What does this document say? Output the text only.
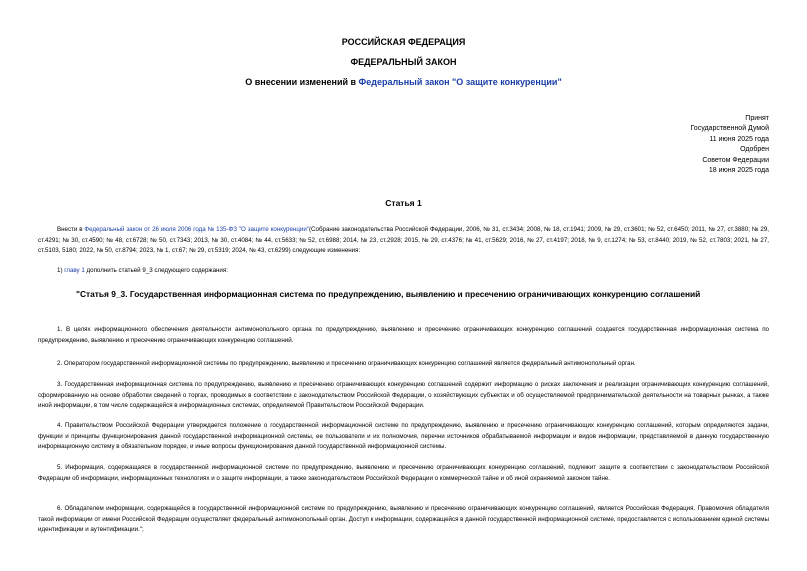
РОССИЙСКАЯ ФЕДЕРАЦИЯ
ФЕДЕРАЛЬНЫЙ ЗАКОН
О внесении изменений в Федеральный закон "О защите конкуренции"
Принят
Государственной Думой
11 июня 2025 года
Одобрен
Советом Федерации
18 июня 2025 года
Статья 1
Внести в Федеральный закон от 26 июля 2006 года № 135-ФЗ "О защите конкуренции"(Собрание законодательства Российской Федерации, 2006, № 31, ст.3434; 2008, № 18, ст.1941; 2009, № 29, ст.3601; № 52, ст.6450; 2011, № 27, ст.3880; № 29, ст.4291; № 30, ст.4590; № 48, ст.6728; № 50, ст.7343; 2013, № 30, ст.4084; № 44, ст.5633; № 52, ст.6988; 2014, № 23, ст.2928; 2015, № 29, ст.4376; № 41, ст.5629; 2016, № 27, ст.4197; 2018, № 9, ст.1274; № 53, ст.8440; 2019, № 52, ст.7803; 2021, № 27, ст.5103, 5180; 2022, № 50, ст.8794; 2023, № 1, ст.67; № 29, ст.5319; 2024, № 43, ст.6299) следующие изменения:
1) главу 1 дополнить статьей 9_3 следующего содержания:
"Статья 9_3. Государственная информационная система по предупреждению, выявлению и пресечению ограничивающих конкуренцию соглашений
1. В целях информационного обеспечения деятельности антимонопольного органа по предупреждению, выявлению и пресечению ограничивающих конкуренцию соглашений создается государственная информационная система по предупреждению, выявлению и пресечению ограничивающих конкуренцию соглашений.
2. Оператором государственной информационной системы по предупреждению, выявлению и пресечению ограничивающих конкуренцию соглашений является федеральный антимонопольный орган.
3. Государственная информационная система по предупреждению, выявлению и пресечению ограничивающих конкуренцию соглашений содержит информацию о рисках заключения и реализации ограничивающих конкуренцию соглашений, сформированную на основе обработки сведений о торгах, проводимых в соответствии с законодательством Российской Федерации, о хозяйствующих субъектах и об осуществляемой предпринимательской деятельности на товарных рынках, а также иной информации, в том числе содержащейся в информационных системах, определяемой Правительством Российской Федерации.
4. Правительством Российской Федерации утверждается положение о государственной информационной системе по предупреждению, выявлению и пресечению ограничивающих конкуренцию соглашений, которым определяются задачи, функции и принципы функционирования данной государственной информационной системы, ее пользователи и их полномочия, перечни источников обрабатываемой информации и видов информации, представляемой в данную государственную информационную систему в обязательном порядке, и иные вопросы функционирования данной государственной информационной системы.
5. Информация, содержащаяся в государственной информационной системе по предупреждению, выявлению и пресечению ограничивающих конкуренцию соглашений, подлежит защите в соответствии с законодательством Российской Федерации об информации, информационных технологиях и о защите информации, а также законодательством Российской Федерации о коммерческой тайне и об иной охраняемой законом тайне.
6. Обладателем информации, содержащейся в государственной информационной системе по предупреждению, выявлению и пресечению ограничивающих конкуренцию соглашений, является Российская Федерация. Правомочия обладателя такой информации от имени Российской Федерации осуществляет федеральный антимонопольный орган. Доступ к информации, содержащейся в данной государственной информационной системе, предоставляется с использованием единой системы идентификации и аутентификации.";
